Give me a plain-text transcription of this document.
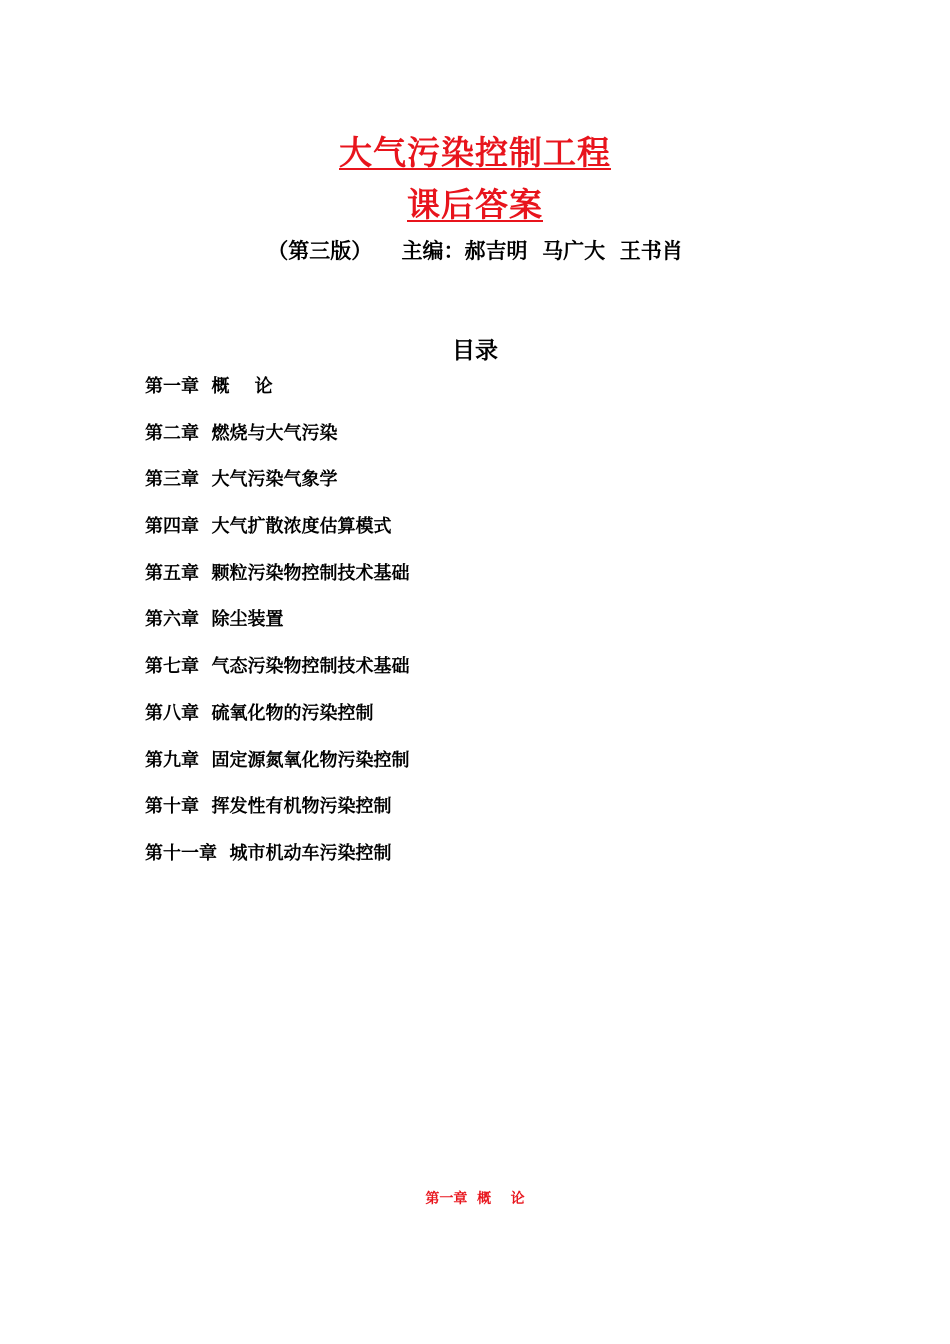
大气污染控制工程
课后答案
（第三版）    主编：郝吉明  马广大  王书肖
目录
第一章  概    论
第二章  燃烧与大气污染
第三章  大气污染气象学
第四章  大气扩散浓度估算模式
第五章  颗粒污染物控制技术基础
第六章  除尘装置
第七章  气态污染物控制技术基础
第八章  硫氧化物的污染控制
第九章  固定源氮氧化物污染控制
第十章  挥发性有机物污染控制
第十一章  城市机动车污染控制
第一章  概    论
